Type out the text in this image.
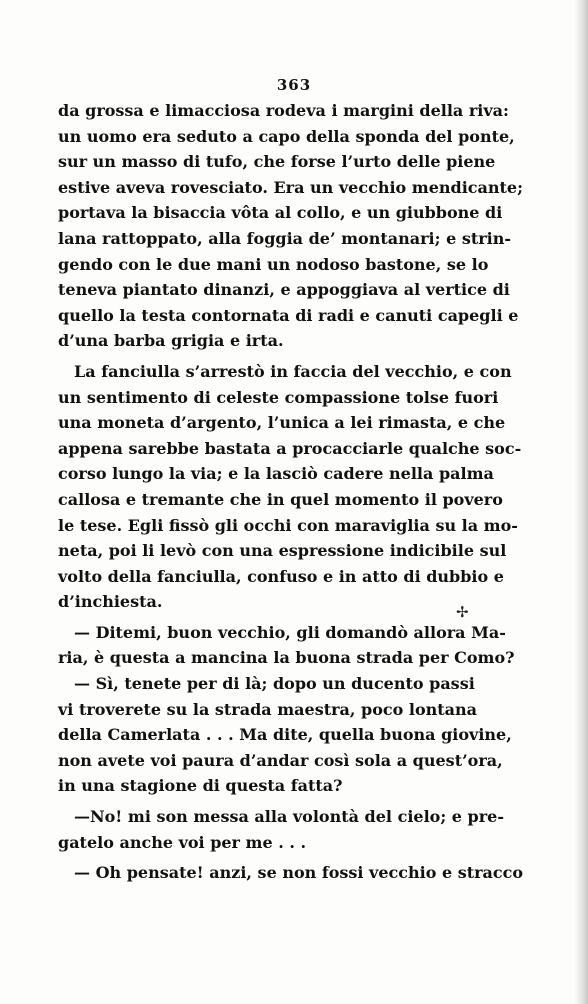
363
da grossa e limacciosa rodeva i margini della riva:
un uomo era seduto a capo della sponda del ponte,
sur un masso di tufo, che forse l’urto delle piene
estive aveva rovesciato. Era un vecchio mendicante;
portava la bisaccia vôta al collo, e un giubbone di
lana rattoppato, alla foggia de’ montanari; e strin-
gendo con le due mani un nodoso bastone, se lo
teneva piantato dinanzi, e appoggiava al vertice di
quello la testa contornata di radi e canuti capegli e
d’una barba grigia e irta.
La fanciulla s’arrestò in faccia del vecchio, e con
un sentimento di celeste compassione tolse fuori
una moneta d’argento, l’unica a lei rimasta, e che
appena sarebbe bastata a procacciarle qualche soc-
corso lungo la via; e la lasciò cadere nella palma
callosa e tremante che in quel momento il povero
le tese. Egli fissò gli occhi con maraviglia su la mo-
neta, poi li levò con una espressione indicibile sul
volto della fanciulla, confuso e in atto di dubbio e
d’inchiesta.
— Ditemi, buon vecchio, gli domandò allora Ma-
ria, è questa a mancina la buona strada per Como?
— Sì, tenete per di là; dopo un ducento passi
vi troverete su la strada maestra, poco lontana
della Camerlata . . . Ma dite, quella buona giovine,
non avete voi paura d’andar così sola a quest’ora,
in una stagione di questa fatta?
—No! mi son messa alla volontà del cielo; e pre-
gatelo anche voi per me . . .
— Oh pensate! anzi, se non fossi vecchio e stracco
✢
